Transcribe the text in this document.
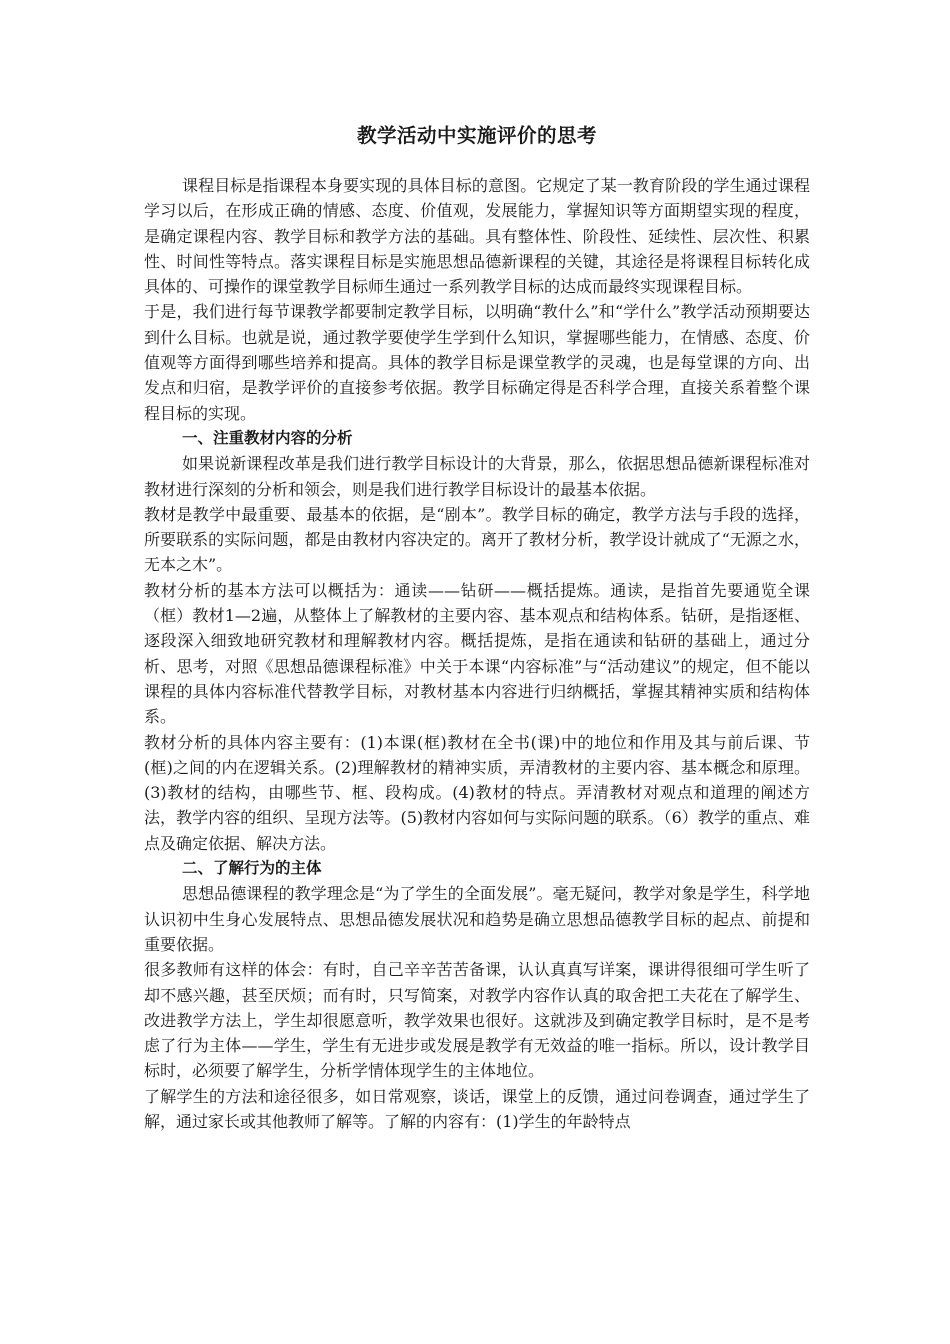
教学活动中实施评价的思考

课程目标是指课程本身要实现的具体目标的意图。它规定了某一教育阶段的学生通过课程学习以后，在形成正确的情感、态度、价值观，发展能力，掌握知识等方面期望实现的程度，是确定课程内容、教学目标和教学方法的基础。具有整体性、阶段性、延续性、层次性、积累性、时间性等特点。落实课程目标是实施思想品德新课程的关键，其途径是将课程目标转化成具体的、可操作的课堂教学目标师生通过一系列教学目标的达成而最终实现课程目标。

于是，我们进行每节课教学都要制定教学目标，以明确“教什么”和“学什么”教学活动预期要达到什么目标。也就是说，通过教学要使学生学到什么知识，掌握哪些能力，在情感、态度、价值观等方面得到哪些培养和提高。具体的教学目标是课堂教学的灵魂，也是每堂课的方向、出发点和归宿，是教学评价的直接参考依据。教学目标确定得是否科学合理，直接关系着整个课程目标的实现。

一、注重教材内容的分析

如果说新课程改革是我们进行教学目标设计的大背景，那么，依据思想品德新课程标准对教材进行深刻的分析和领会，则是我们进行教学目标设计的最基本依据。

教材是教学中最重要、最基本的依据，是“剧本”。教学目标的确定，教学方法与手段的选择，所要联系的实际问题，都是由教材内容决定的。离开了教材分析，教学设计就成了“无源之水，无本之木”。

教材分析的基本方法可以概括为：通读——钻研——概括提炼。通读，是指首先要通览全课（框）教材1—2遍，从整体上了解教材的主要内容、基本观点和结构体系。钻研，是指逐框、逐段深入细致地研究教材和理解教材内容。概括提炼，是指在通读和钻研的基础上，通过分析、思考，对照《思想品德课程标准》中关于本课“内容标准”与“活动建议”的规定，但不能以课程的具体内容标准代替教学目标，对教材基本内容进行归纳概括，掌握其精神实质和结构体系。

教材分析的具体内容主要有：(1)本课(框)教材在全书(课)中的地位和作用及其与前后课、节(框)之间的内在逻辑关系。(2)理解教材的精神实质，弄清教材的主要内容、基本概念和原理。(3)教材的结构，由哪些节、框、段构成。(4)教材的特点。弄清教材对观点和道理的阐述方法，教学内容的组织、呈现方法等。(5)教材内容如何与实际问题的联系。（6）教学的重点、难点及确定依据、解决方法。

二、了解行为的主体

思想品德课程的教学理念是“为了学生的全面发展”。毫无疑问，教学对象是学生，科学地认识初中生身心发展特点、思想品德发展状况和趋势是确立思想品德教学目标的起点、前提和重要依据。

很多教师有这样的体会：有时，自己辛辛苦苦备课，认认真真写详案，课讲得很细可学生听了却不感兴趣，甚至厌烦；而有时，只写简案，对教学内容作认真的取舍把工夫花在了解学生、改进教学方法上，学生却很愿意听，教学效果也很好。这就涉及到确定教学目标时，是不是考虑了行为主体——学生，学生有无进步或发展是教学有无效益的唯一指标。所以，设计教学目标时，必须要了解学生，分析学情体现学生的主体地位。

了解学生的方法和途径很多，如日常观察，谈话，课堂上的反馈，通过问卷调查，通过学生了解，通过家长或其他教师了解等。了解的内容有：(1)学生的年龄特点
